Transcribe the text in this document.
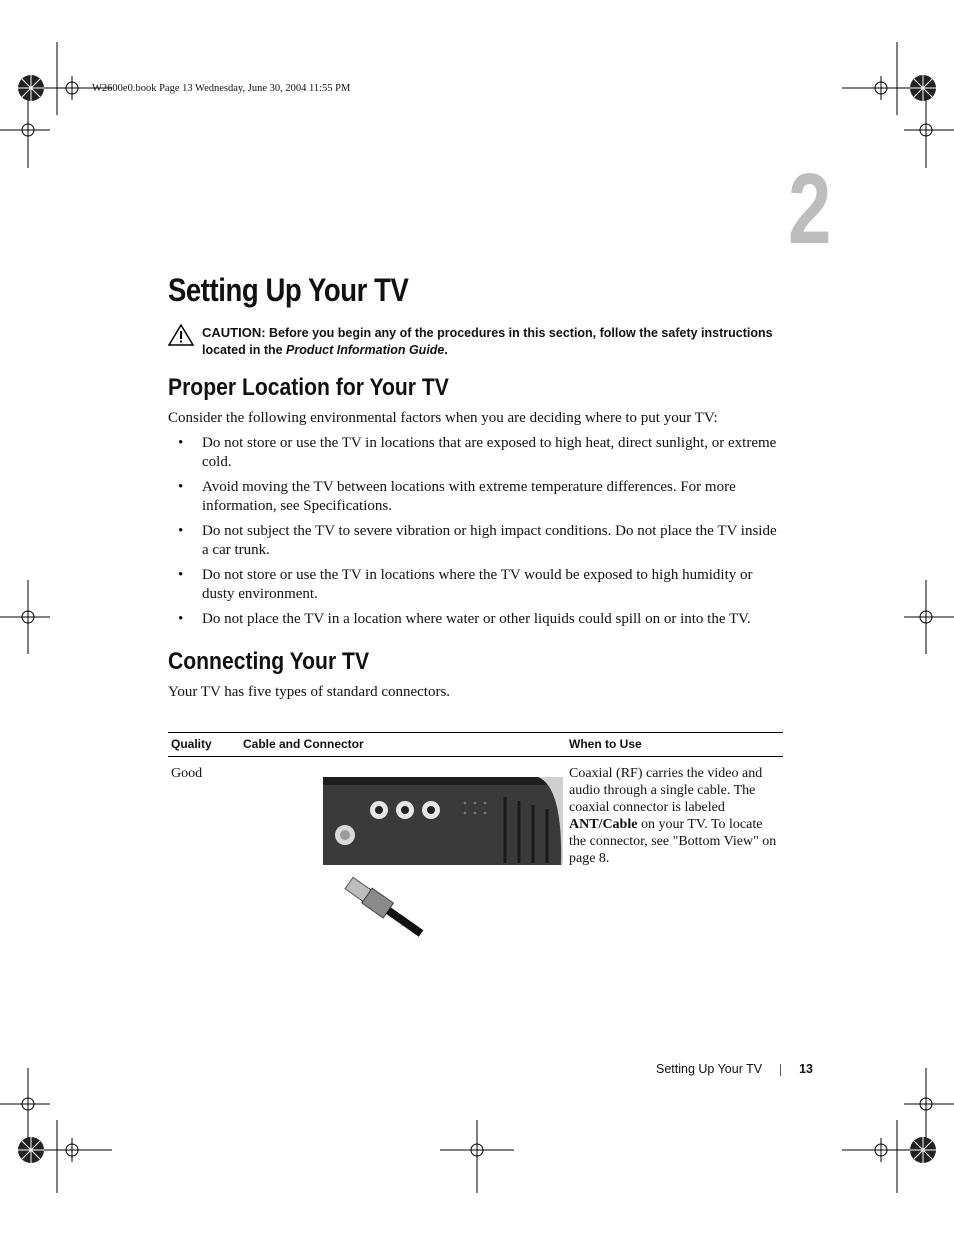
W2600e0.book Page 13 Wednesday, June 30, 2004 11:55 PM
2
Setting Up Your TV
CAUTION: Before you begin any of the procedures in this section, follow the safety instructions located in the Product Information Guide.
Proper Location for Your TV

Consider the following environmental factors when you are deciding where to put your TV:

• Do not store or use the TV in locations that are exposed to high heat, direct sunlight, or extreme cold.
• Avoid moving the TV between locations with extreme temperature differences. For more information, see Specifications.
• Do not subject the TV to severe vibration or high impact conditions. Do not place the TV inside a car trunk.
• Do not store or use the TV in locations where the TV would be exposed to high humidity or dusty environment.
• Do not place the TV in a location where water or other liquids could spill on or into the TV.
Connecting Your TV

Your TV has five types of standard connectors.

Quality	Cable and Connector	When to Use
Good		Coaxial (RF) carries the video and audio through a single cable. The coaxial connector is labeled ANT/Cable on your TV. To locate the connector, see "Bottom View" on page 8.
Setting Up Your TV	13
